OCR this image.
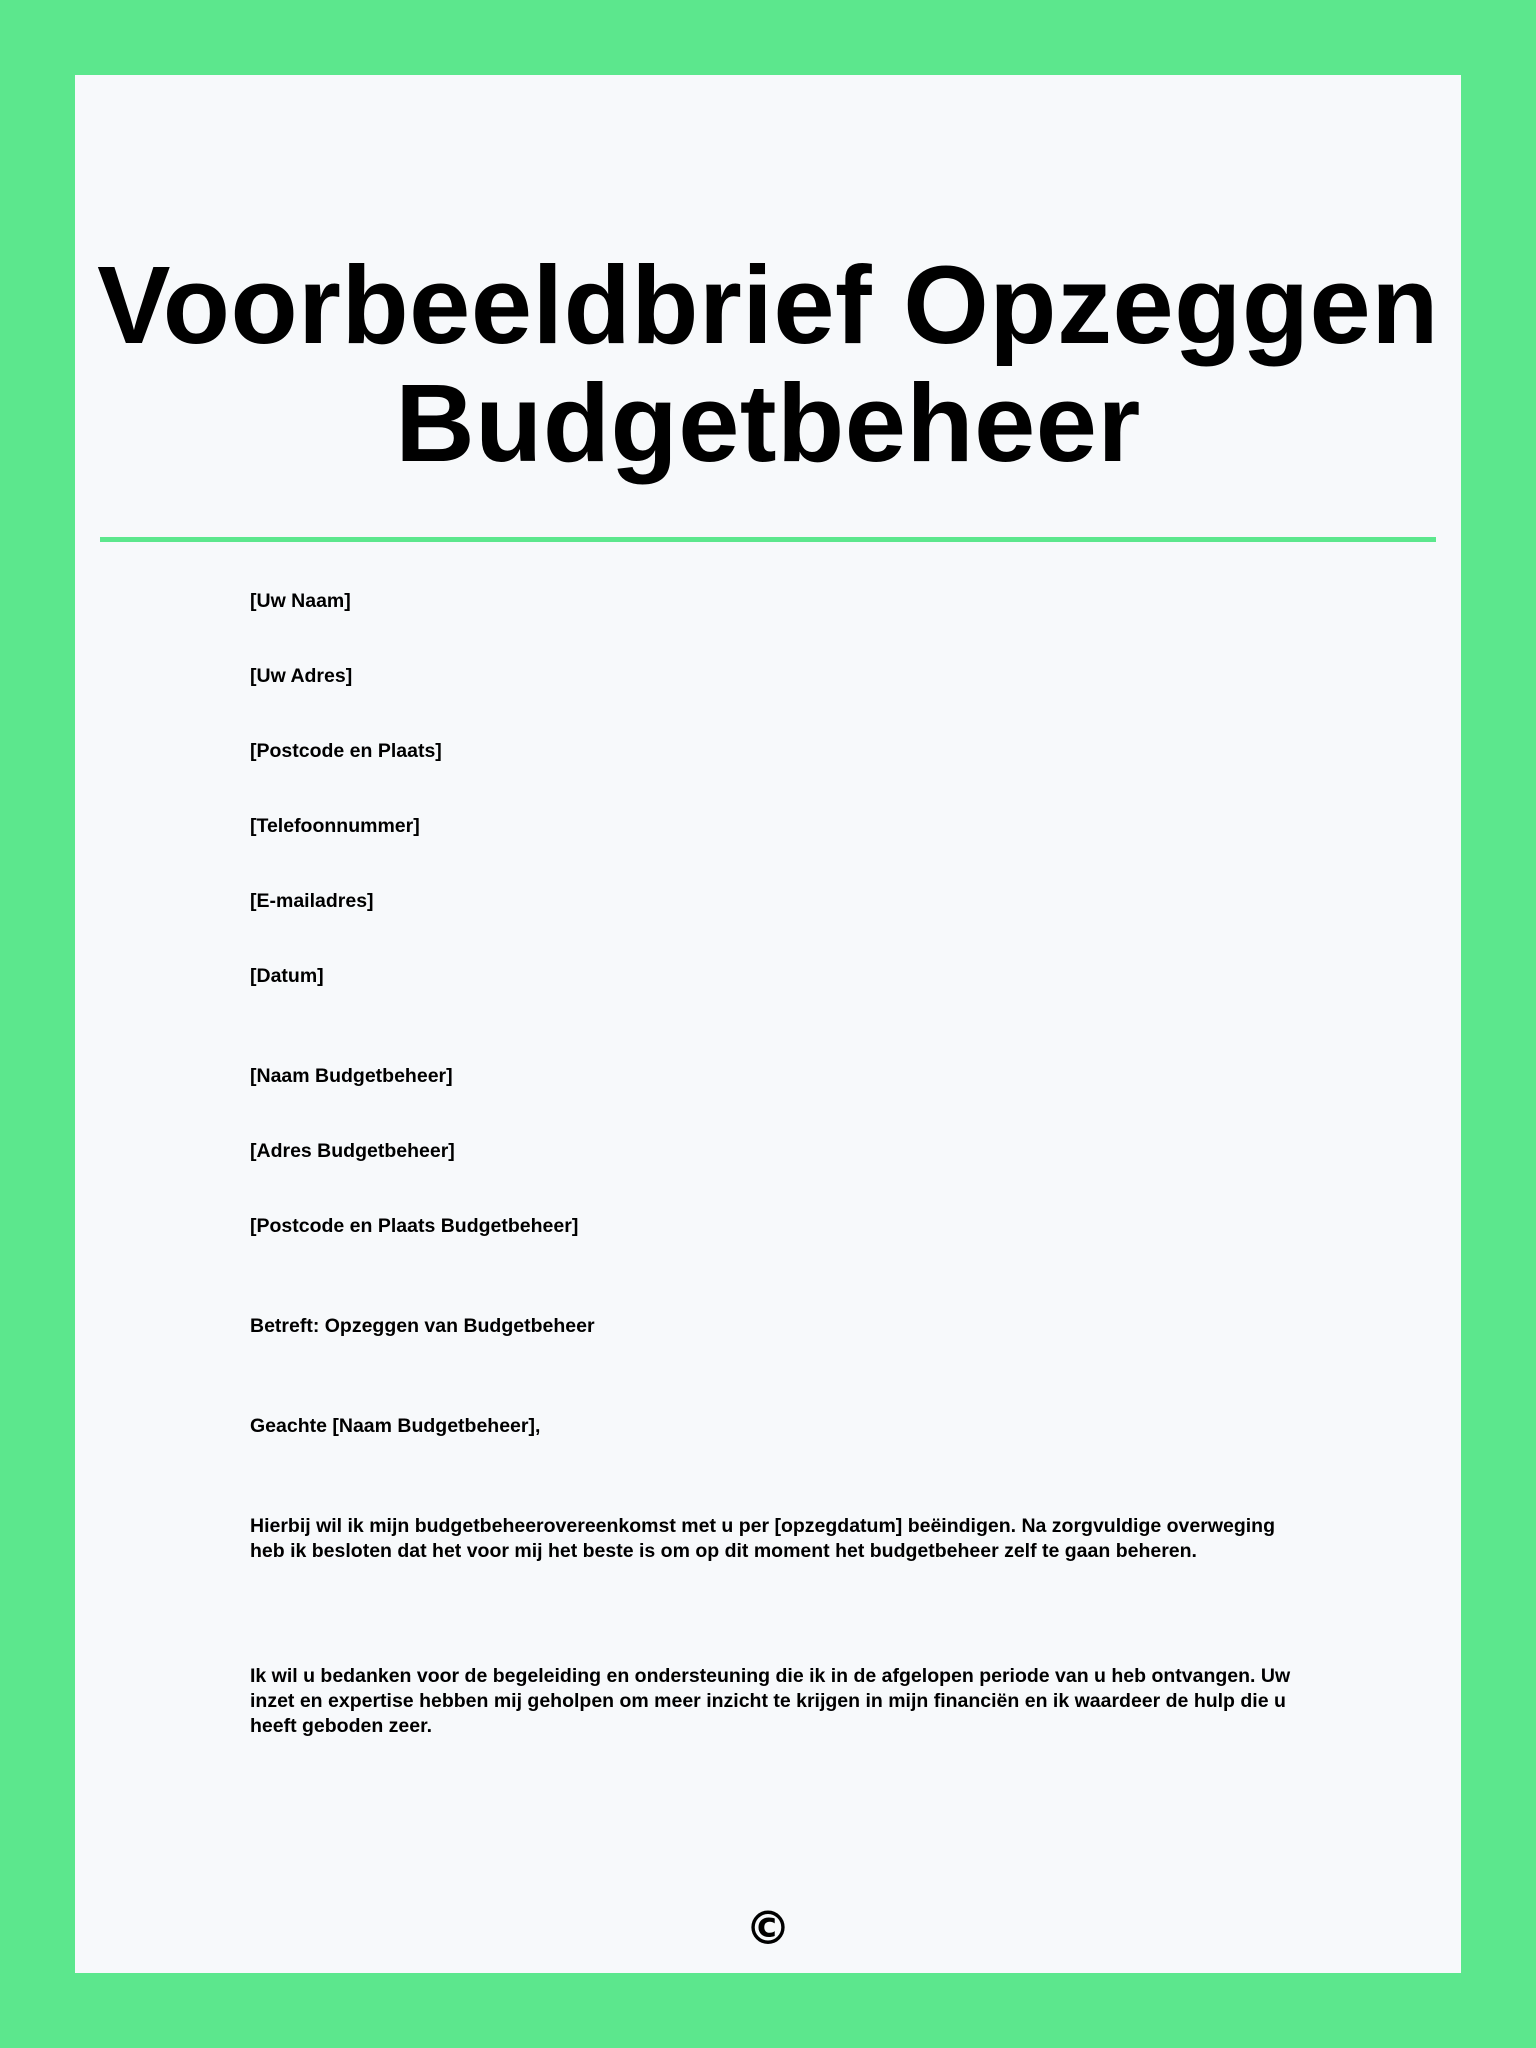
Voorbeeldbrief Opzeggen Budgetbeheer

[Uw Naam]

[Uw Adres]

[Postcode en Plaats]

[Telefoonnummer]

[E-mailadres]

[Datum]

[Naam Budgetbeheer]

[Adres Budgetbeheer]

[Postcode en Plaats Budgetbeheer]

Betreft: Opzeggen van Budgetbeheer

Geachte [Naam Budgetbeheer],

Hierbij wil ik mijn budgetbeheerovereenkomst met u per [opzegdatum] beëindigen. Na zorgvuldige overweging heb ik besloten dat het voor mij het beste is om op dit moment het budgetbeheer zelf te gaan beheren.

Ik wil u bedanken voor de begeleiding en ondersteuning die ik in de afgelopen periode van u heb ontvangen. Uw inzet en expertise hebben mij geholpen om meer inzicht te krijgen in mijn financiën en ik waardeer de hulp die u heeft geboden zeer.

©
